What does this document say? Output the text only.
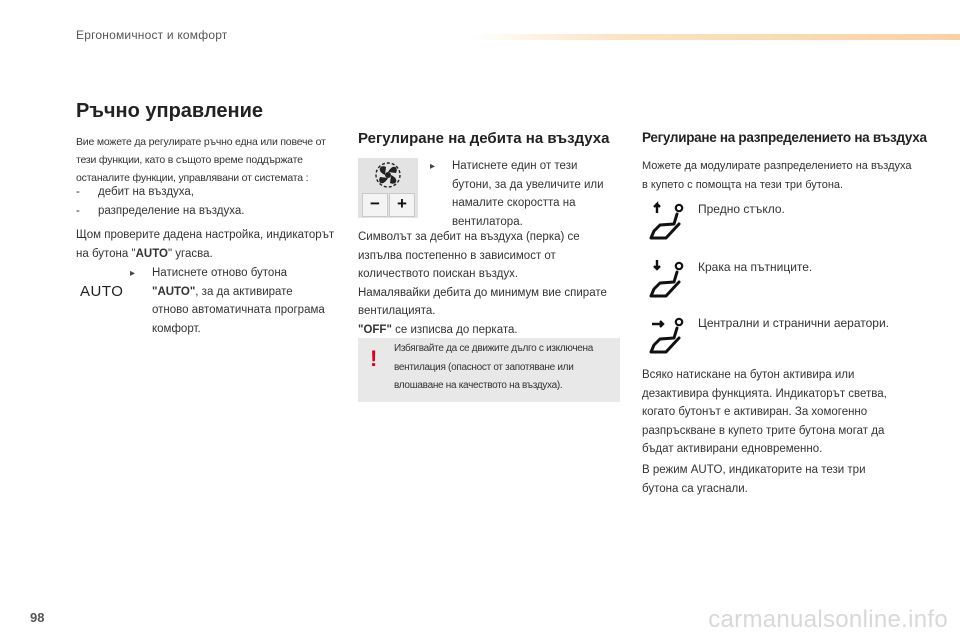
Ергономичност и комфорт
Ръчно управление
Вие можете да регулирате ръчно една или повече от тези функции, като в същото време поддържате останалите функции, управлявани от системата :
- дебит на въздуха,
- разпределение на въздуха.
Щом проверите дадена настройка, индикаторът на бутона "AUTO" угасва.
AUTO
▸	Натиснете отново бутона "AUTO", за да активирате отново автоматичната програма комфорт.
Регулиране на дебита на въздуха
−	+
▸	Натиснете един от тези бутони, за да увеличите или намалите скоростта на вентилатора.
Символът за дебит на въздуха (перка) се изпълва постепенно в зависимост от количеството поискан въздух.
Намалявайки дебита до минимум вие спирате вентилацията.
"OFF" се изписва до перката.
! Избягвайте да се движите дълго с изключена вентилация (опасност от запотяване или влошаване на качеството на въздуха).
Регулиране на разпределението на въздуха
Можете да модулирате разпределението на въздуха в купето с помощта на тези три бутона.
Предно стъкло.
Крака на пътниците.
Централни и странични аератори.
Всяко натискане на бутон активира или дезактивира функцията. Индикаторът светва, когато бутонът е активиран. За хомогенно разпръскване в купето трите бутона могат да бъдат активирани едновременно.
В режим AUTO, индикаторите на тези три бутона са угаснали.
98	carmanualsonline.info
